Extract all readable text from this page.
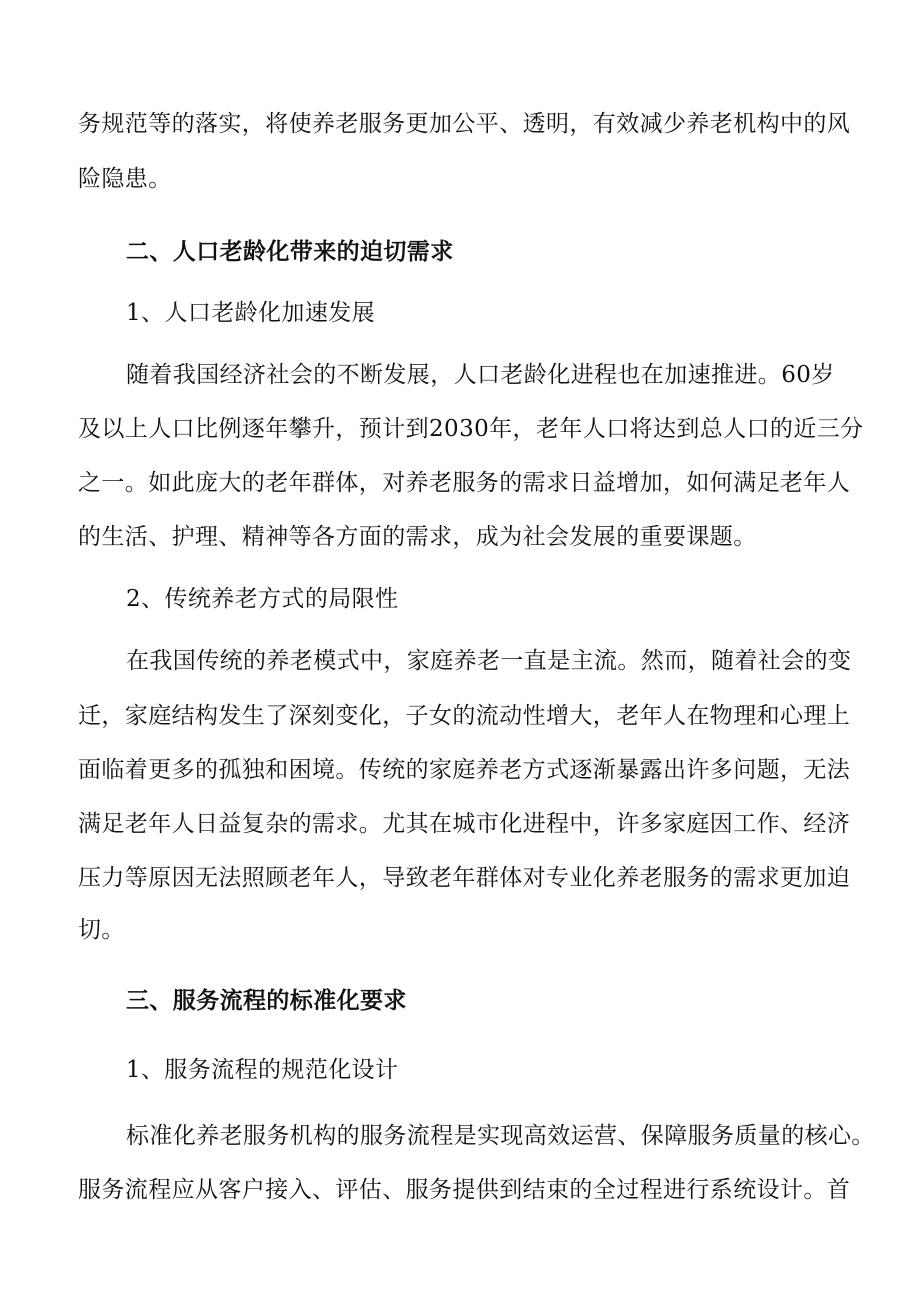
务规范等的落实，将使养老服务更加公平、透明，有效减少养老机构中的风
险隐患。
二、人口老龄化带来的迫切需求
1、人口老龄化加速发展
随着我国经济社会的不断发展，人口老龄化进程也在加速推进。60岁
及以上人口比例逐年攀升，预计到2030年，老年人口将达到总人口的近三分
之一。如此庞大的老年群体，对养老服务的需求日益增加，如何满足老年人
的生活、护理、精神等各方面的需求，成为社会发展的重要课题。
2、传统养老方式的局限性
在我国传统的养老模式中，家庭养老一直是主流。然而，随着社会的变
迁，家庭结构发生了深刻变化，子女的流动性增大，老年人在物理和心理上
面临着更多的孤独和困境。传统的家庭养老方式逐渐暴露出许多问题，无法
满足老年人日益复杂的需求。尤其在城市化进程中，许多家庭因工作、经济
压力等原因无法照顾老年人，导致老年群体对专业化养老服务的需求更加迫
切。
三、服务流程的标准化要求
1、服务流程的规范化设计
标准化养老服务机构的服务流程是实现高效运营、保障服务质量的核心。
服务流程应从客户接入、评估、服务提供到结束的全过程进行系统设计。首
